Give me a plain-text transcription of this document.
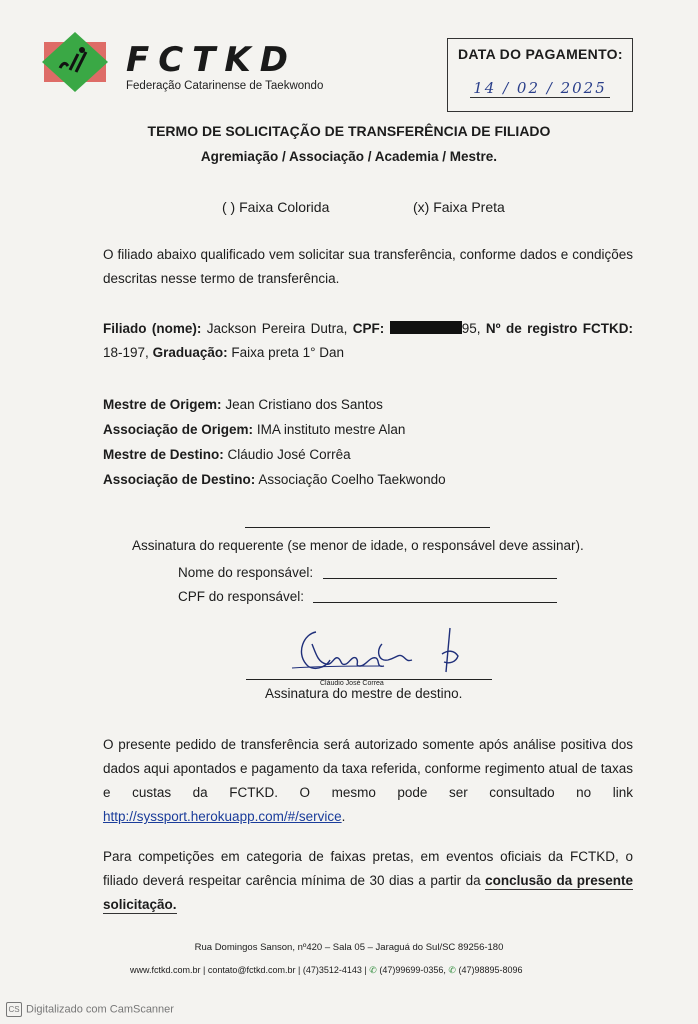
FCTKD
Federação Catarinense de Taekwondo
DATA DO PAGAMENTO:
14 / 02 / 2025
TERMO DE SOLICITAÇÃO DE TRANSFERÊNCIA DE FILIADO
Agremiação / Associação / Academia / Mestre.
( ) Faixa Colorida	(x) Faixa Preta
O filiado abaixo qualificado vem solicitar sua transferência, conforme dados e condições descritas nesse termo de transferência.
Filiado (nome): Jackson Pereira Dutra, CPF:	95, Nº de registro FCTKD: 18-197, Graduação: Faixa preta 1° Dan
Mestre de Origem: Jean Cristiano dos Santos
Associação de Origem: IMA instituto mestre Alan
Mestre de Destino: Cláudio José Corrêa
Associação de Destino: Associação Coelho Taekwondo
Assinatura do requerente (se menor de idade, o responsável deve assinar).
Nome do responsável:
CPF do responsável:
Cláudio José Correa
Assinatura do mestre de destino.
O presente pedido de transferência será autorizado somente após análise positiva dos dados aqui apontados e pagamento da taxa referida, conforme regimento atual de taxas e custas da FCTKD. O mesmo pode ser consultado no link http://syssport.herokuapp.com/#/service.
Para competições em categoria de faixas pretas, em eventos oficiais da FCTKD, o filiado deverá respeitar carência mínima de 30 dias a partir da conclusão da presente solicitação.
Rua Domingos Sanson, nº420 – Sala 05 – Jaraguá do Sul/SC 89256-180
www.fctkd.com.br | contato@fctkd.com.br | (47)3512-4143 | ✆ (47)99699-0356, ✆ (47)98895-8096
CS Digitalizado com CamScanner
